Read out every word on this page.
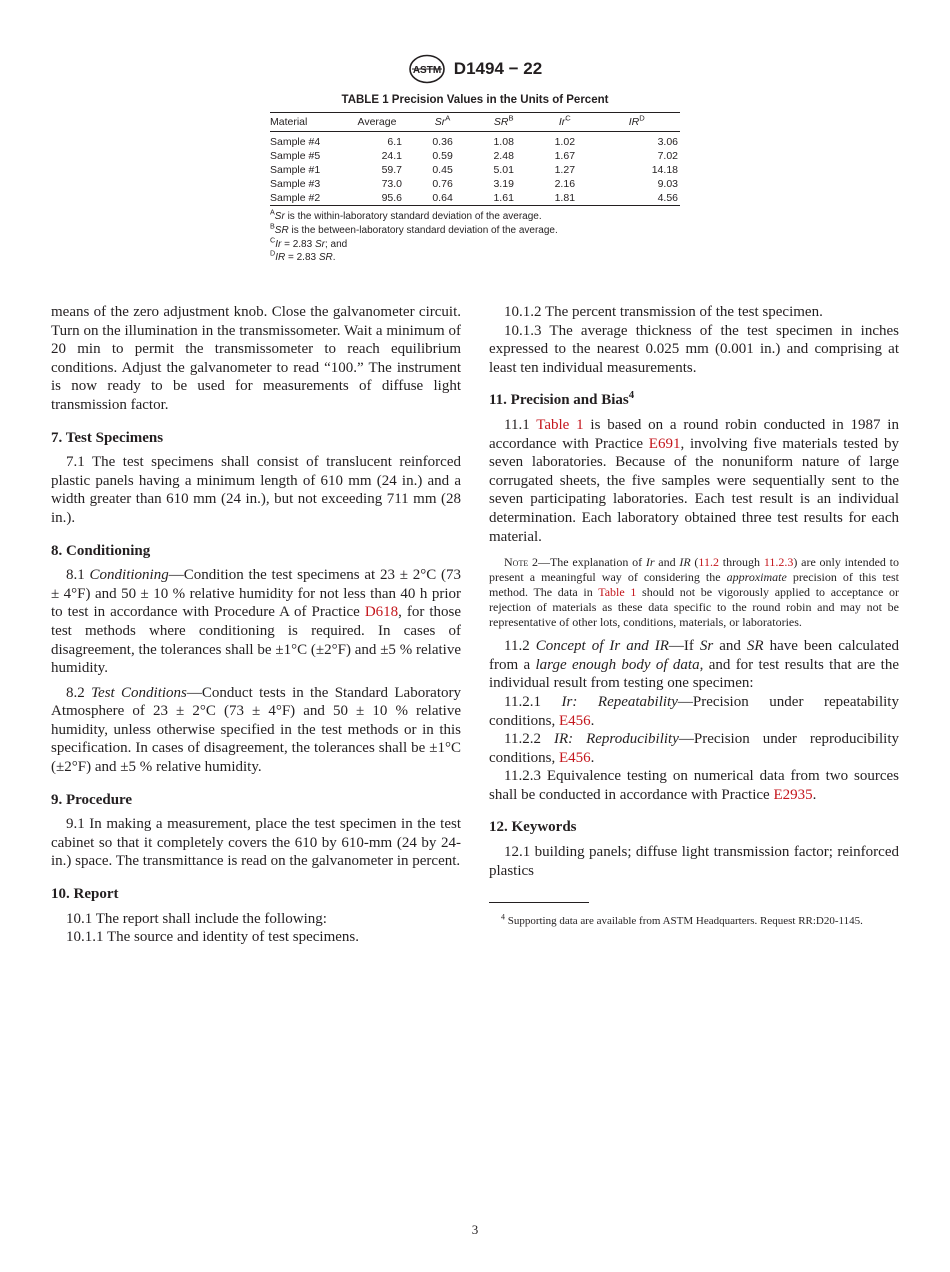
ASTM D1494 − 22
TABLE 1 Precision Values in the Units of Percent
Material	Average	$Sr^A$	$SR^B$	$Ir^C$	$IR^D$
Sample #4	6.1	0.36	1.08	1.02	3.06
Sample #5	24.1	0.59	2.48	1.67	7.02
Sample #1	59.7	0.45	5.01	1.27	14.18
Sample #3	73.0	0.76	3.19	2.16	9.03
Sample #2	95.6	0.64	1.61	1.81	4.56
$^A$Sr is the within-laboratory standard deviation of the average.
$^B$SR is the between-laboratory standard deviation of the average.
$^C$Ir = 2.83 Sr; and
$^D$IR = 2.83 SR.

means of the zero adjustment knob. Close the galvanometer circuit. Turn on the illumination in the transmissometer. Wait a minimum of 20 min to permit the transmissometer to reach equilibrium conditions. Adjust the galvanometer to read “100.” The instrument is now ready to be used for measurements of diffuse light transmission factor.

7. Test Specimens

7.1 The test specimens shall consist of translucent reinforced plastic panels having a minimum length of 610 mm (24 in.) and a width greater than 610 mm (24 in.), but not exceeding 711 mm (28 in.).

8. Conditioning

8.1 Conditioning—Condition the test specimens at 23 ± 2°C (73 ± 4°F) and 50 ± 10 % relative humidity for not less than 40 h prior to test in accordance with Procedure A of Practice D618, for those test methods where conditioning is required. In cases of disagreement, the tolerances shall be ±1°C (±2°F) and ±5 % relative humidity.

8.2 Test Conditions—Conduct tests in the Standard Laboratory Atmosphere of 23 ± 2°C (73 ± 4°F) and 50 ± 10 % relative humidity, unless otherwise specified in the test methods or in this specification. In cases of disagreement, the tolerances shall be ±1°C (±2°F) and ±5 % relative humidity.

9. Procedure

9.1 In making a measurement, place the test specimen in the test cabinet so that it completely covers the 610 by 610-mm (24 by 24-in.) space. The transmittance is read on the galvanometer in percent.

10. Report

10.1 The report shall include the following:

10.1.1 The source and identity of test specimens.

10.1.2 The percent transmission of the test specimen.

10.1.3 The average thickness of the test specimen in inches expressed to the nearest 0.025 mm (0.001 in.) and comprising at least ten individual measurements.

11. Precision and Bias$^4$

11.1 Table 1 is based on a round robin conducted in 1987 in accordance with Practice E691, involving five materials tested by seven laboratories. Because of the nonuniform nature of large corrugated sheets, the five samples were sequentially sent to the seven participating laboratories. Each test result is an individual determination. Each laboratory obtained three test results for each material.

Note 2—The explanation of Ir and IR (11.2 through 11.2.3) are only intended to present a meaningful way of considering the approximate precision of this test method. The data in Table 1 should not be vigorously applied to acceptance or rejection of materials as these data specific to the round robin and may not be representative of other lots, conditions, materials, or laboratories.

11.2 Concept of Ir and IR—If Sr and SR have been calculated from a large enough body of data, and for test results that are the individual result from testing one specimen:

11.2.1 Ir: Repeatability—Precision under repeatability conditions, E456.

11.2.2 IR: Reproducibility—Precision under reproducibility conditions, E456.

11.2.3 Equivalence testing on numerical data from two sources shall be conducted in accordance with Practice E2935.

12. Keywords

12.1 building panels; diffuse light transmission factor; reinforced plastics

$^4$ Supporting data are available from ASTM Headquarters. Request RR:D20-1145.

3
